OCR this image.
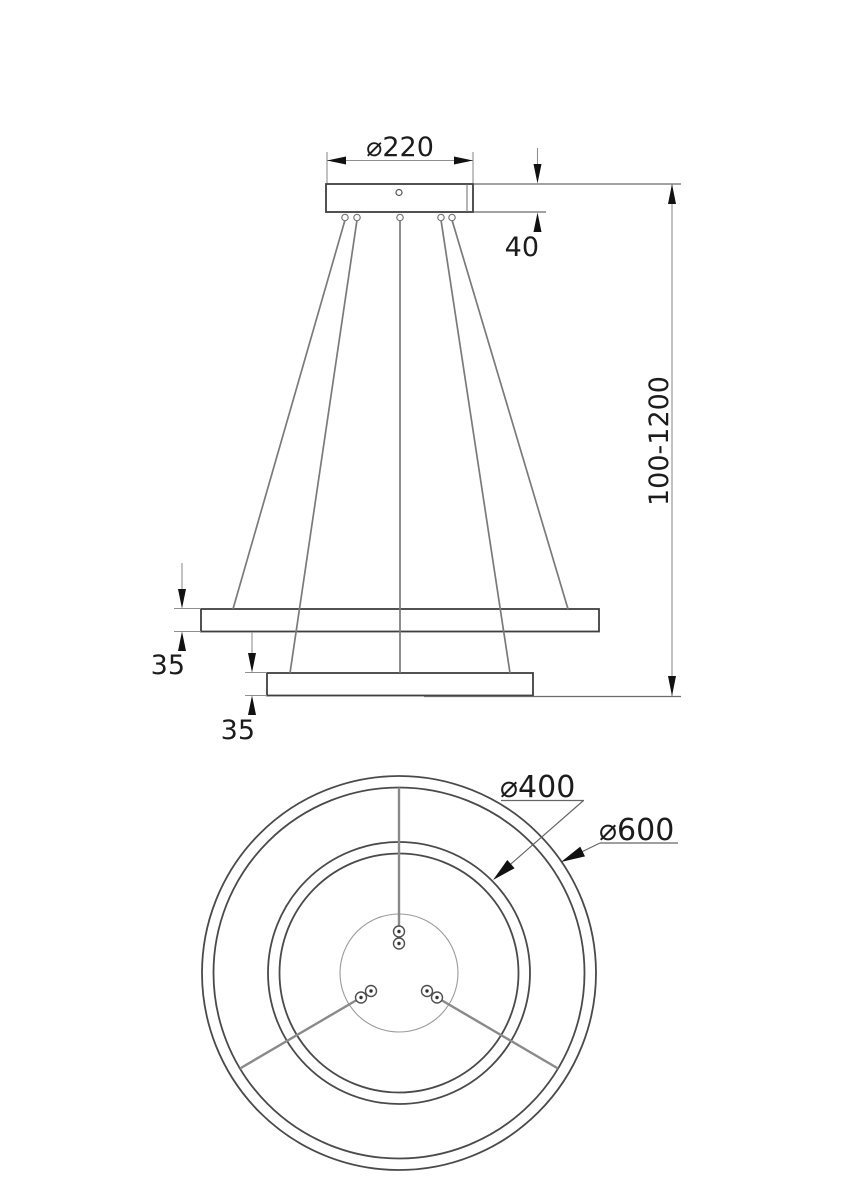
⌀220
40
100-1200
35
35
⌀400
⌀600
